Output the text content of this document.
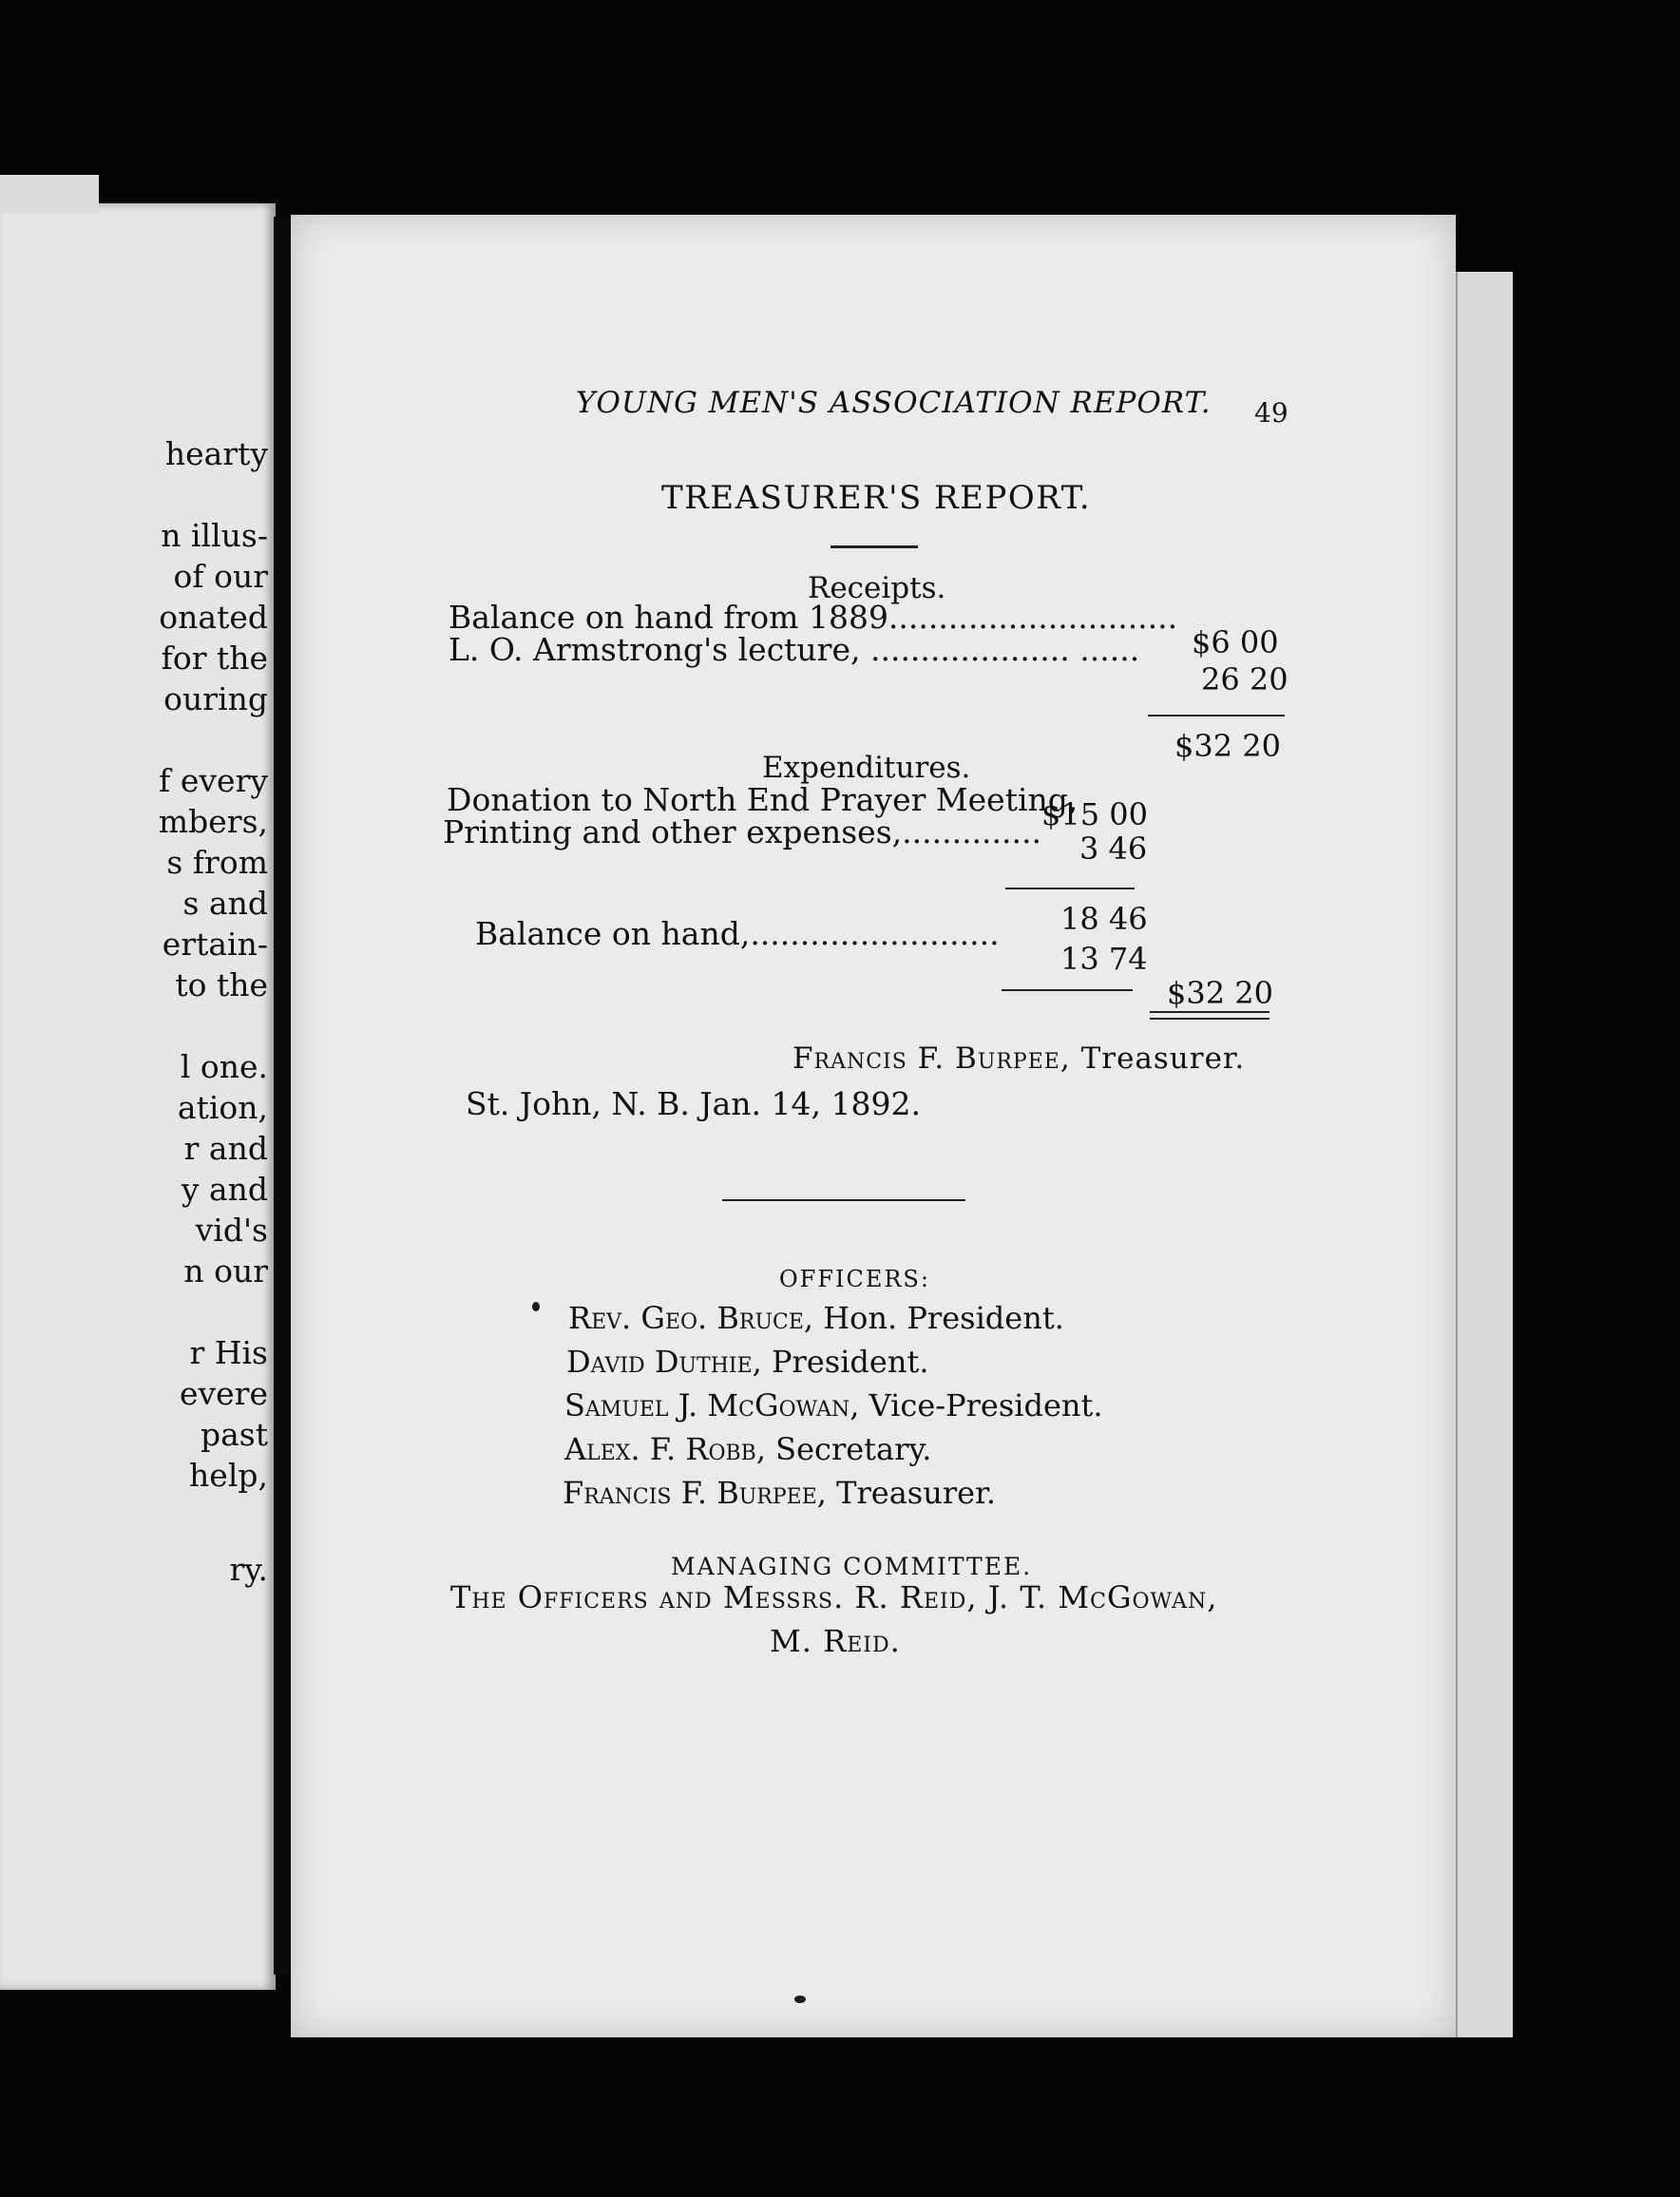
hearty
n illus-
of our
onated
for the
ouring
f every
mbers,
s from
s and
ertain-
to the
l one.
ation,
r and
y and
vid's
n our
r His
evere
past
help,
ry.
YOUNG MEN'S ASSOCIATION REPORT. 49
TREASURER'S REPORT.
Receipts.
Balance on hand from 1889.............................
$6 00
L. O. Armstrong's lecture, .................... ......
26 20
$32 20
Expenditures.
Donation to North End Prayer Meeting,
$15 00
Printing and other expenses,.............. 3 46
18 46
Balance on hand,.........................
13 74
$32 20
Francis F. Burpee, Treasurer.
St. John, N. B. Jan. 14, 1892.
OFFICERS:
Rev. Geo. Bruce, Hon. President.
David Duthie, President.
Samuel J. McGowan, Vice-President.
Alex. F. Robb, Secretary.
Francis F. Burpee, Treasurer.
MANAGING COMMITTEE.
The Officers and Messrs. R. Reid, J. T. McGowan,
M. Reid.
